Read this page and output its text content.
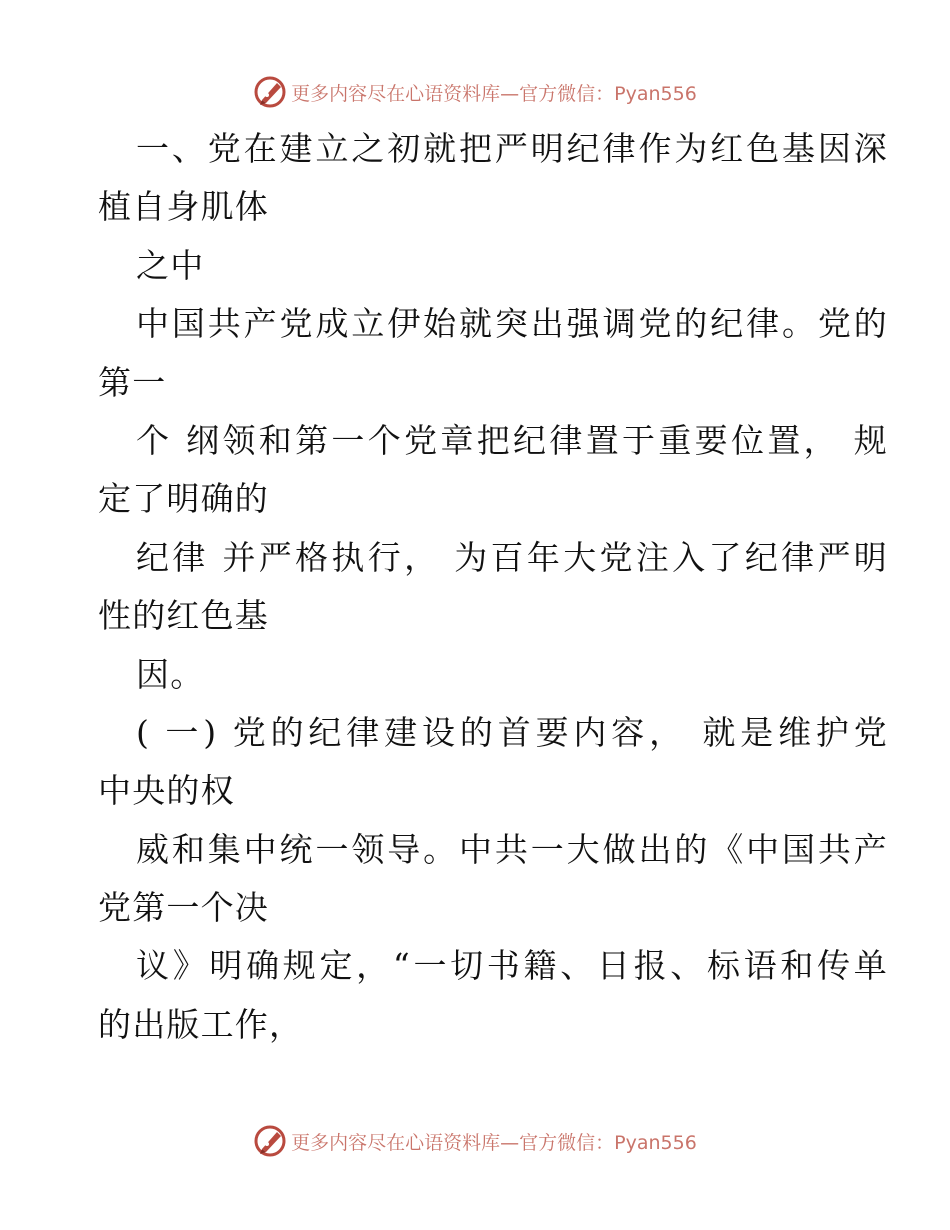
更多内容尽在心语资料库—官方微信：Pyan556
一、党在建立之初就把严明纪律作为红色基因深
植自身肌体
之中
中国共产党成立伊始就突出强调党的纪律。党的
第一
个 纲领和第一个党章把纪律置于重要位置， 规
定了明确的
纪律 并严格执行， 为百年大党注入了纪律严明
性的红色基
因。
( 一) 党的纪律建设的首要内容， 就是维护党
中央的权
威和集中统一领导。中共一大做出的《中国共产
党第一个决
议》明确规定，“一切书籍、日报、标语和传单
的出版工作，
更多内容尽在心语资料库—官方微信：Pyan556
